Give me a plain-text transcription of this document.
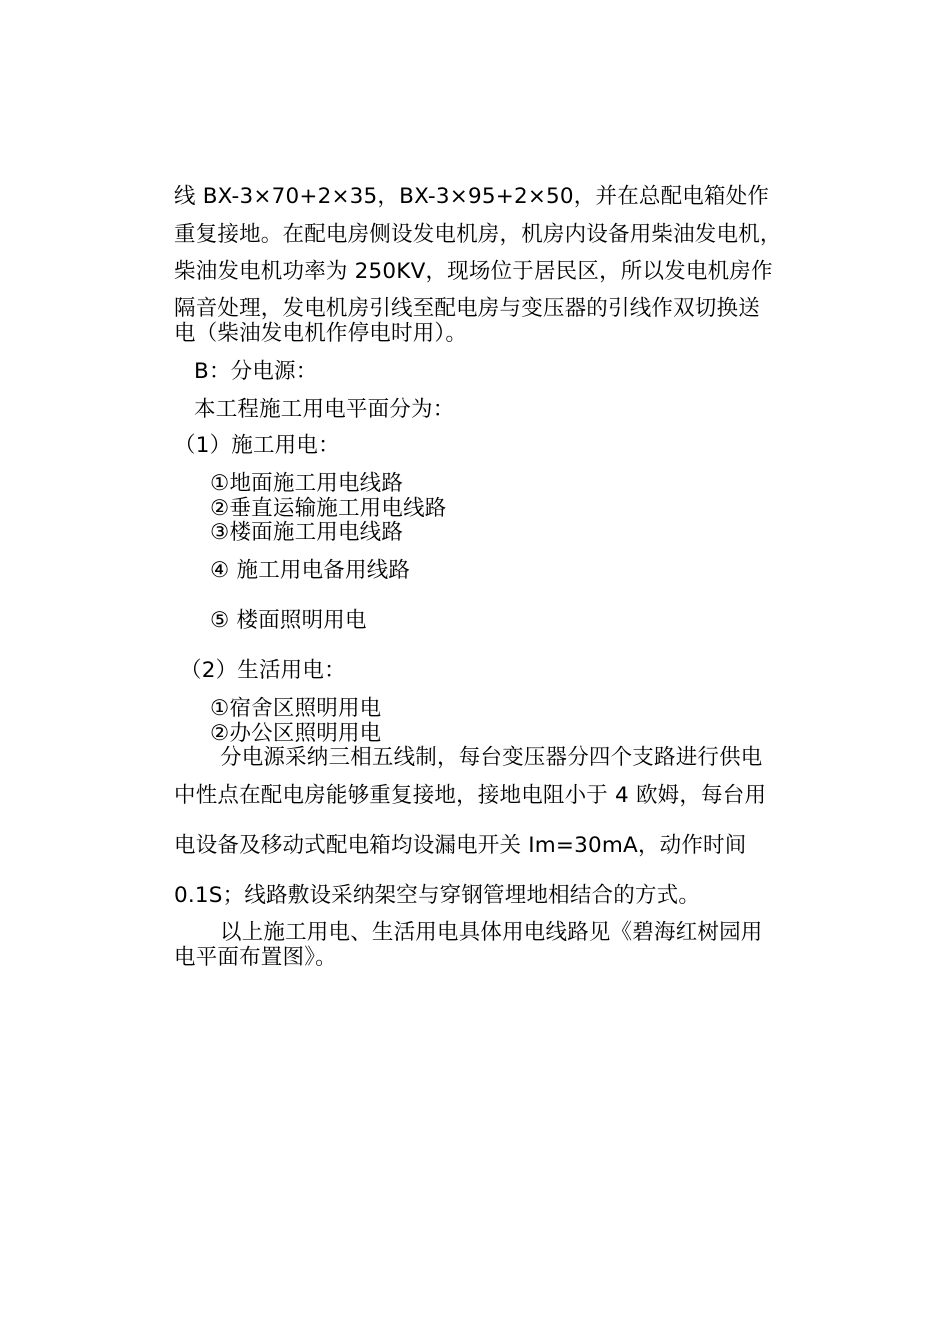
线 BX-3×70+2×35，BX-3×95+2×50，并在总配电箱处作
重复接地。在配电房侧设发电机房，机房内设备用柴油发电机，
柴油发电机功率为 250KV，现场位于居民区，所以发电机房作
隔音处理，发电机房引线至配电房与变压器的引线作双切换送
电（柴油发电机作停电时用）。
B：分电源：
本工程施工用电平面分为：
（1）施工用电：
①地面施工用电线路
②垂直运输施工用电线路
③楼面施工用电线路
④ 施工用电备用线路
⑤ 楼面照明用电
（2）生活用电：
①宿舍区照明用电
②办公区照明用电
分电源采纳三相五线制，每台变压器分四个支路进行供电
中性点在配电房能够重复接地，接地电阻小于 4 欧姆，每台用
电设备及移动式配电箱均设漏电开关 Im=30mA，动作时间
0.1S；线路敷设采纳架空与穿钢管埋地相结合的方式。
以上施工用电、生活用电具体用电线路见《碧海红树园用
电平面布置图》。
